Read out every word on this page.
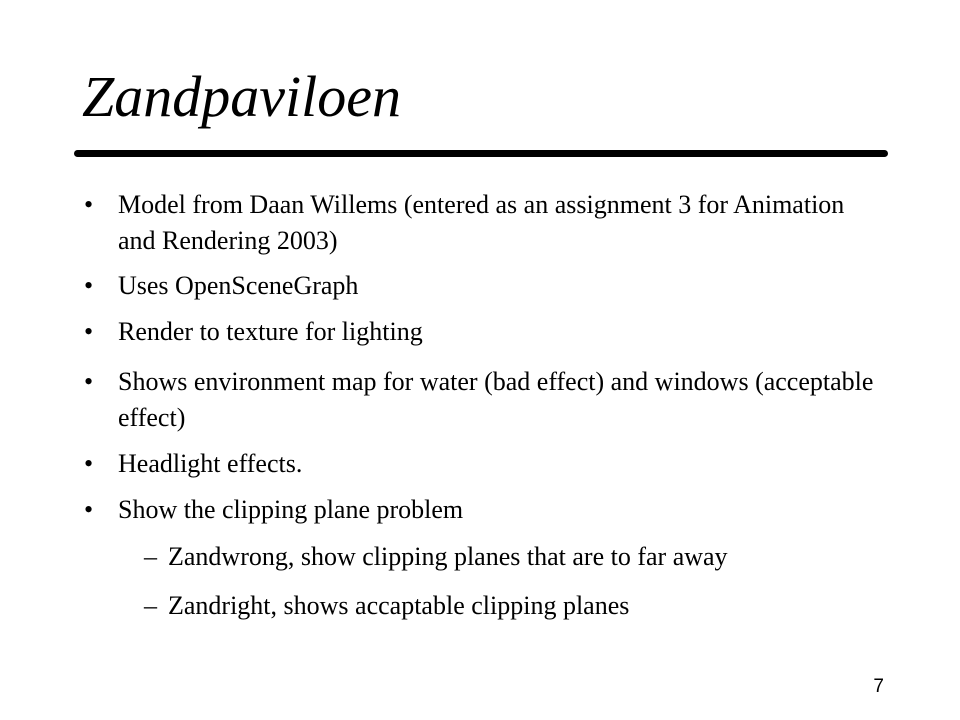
Zandpaviloen
• Model from Daan Willems (entered as an assignment 3 for Animation and Rendering 2003)
• Uses OpenSceneGraph
• Render to texture for lighting
• Shows environment map for water (bad effect) and windows (acceptable effect)
• Headlight effects.
• Show the clipping plane problem
– Zandwrong, show clipping planes that are to far away
– Zandright, shows accaptable clipping planes
7
